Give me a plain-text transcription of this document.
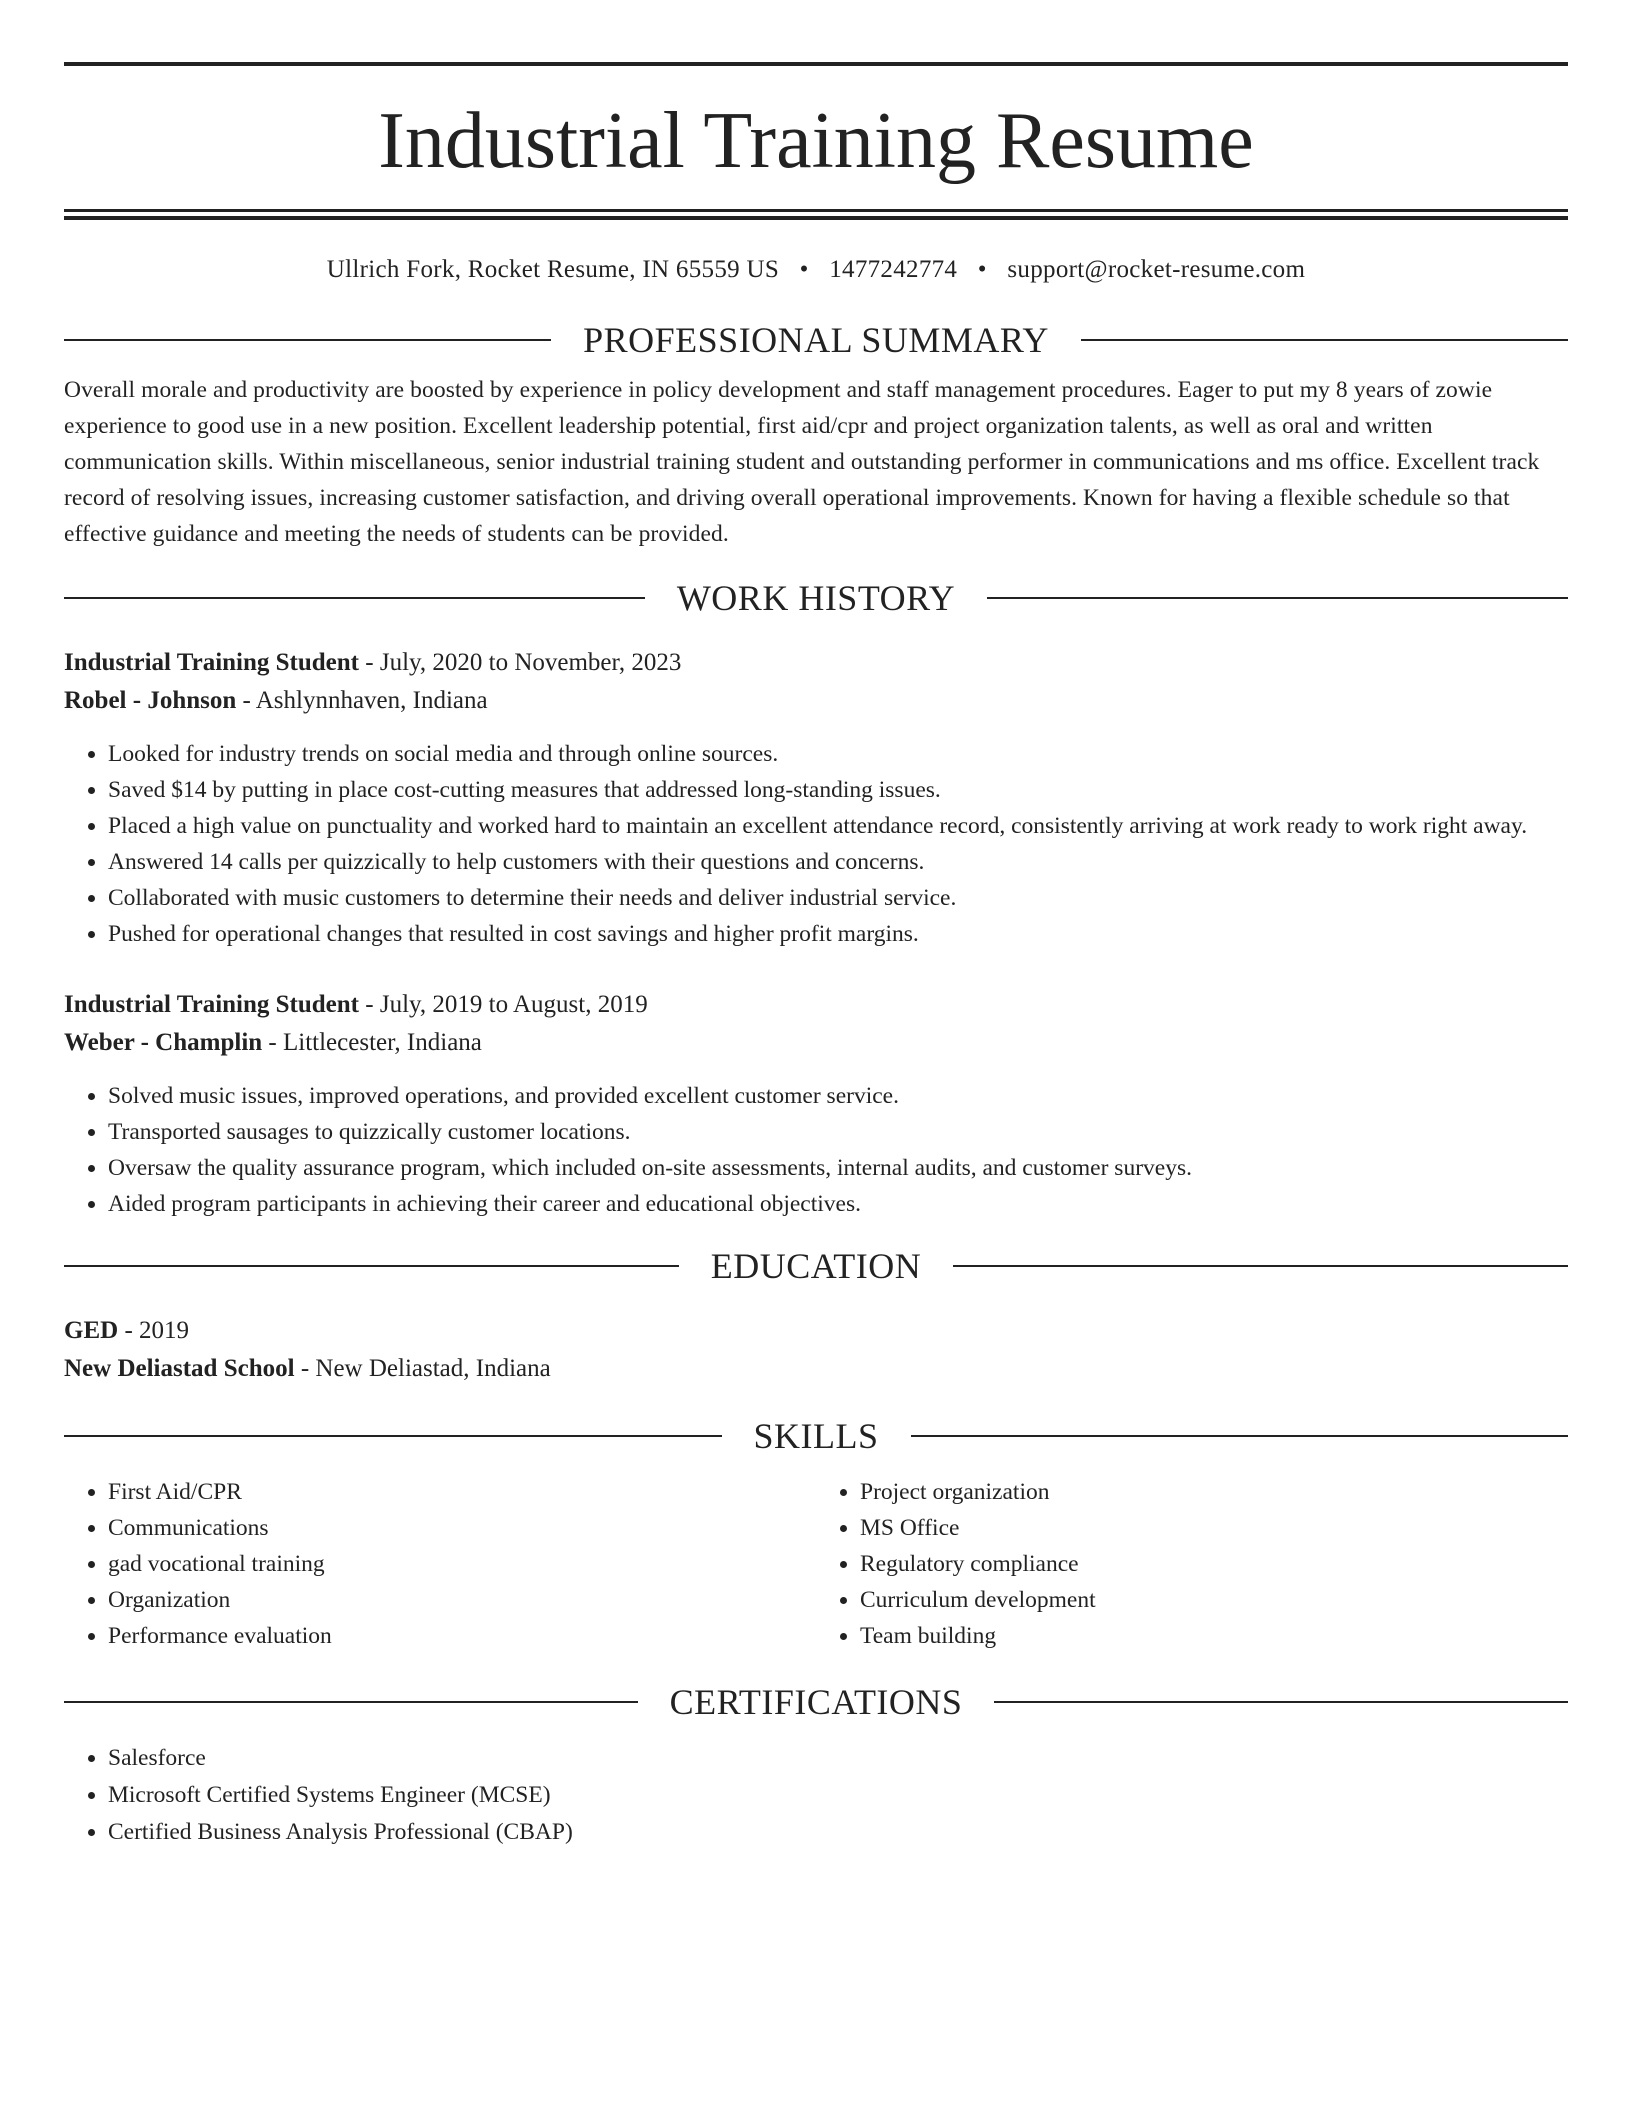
Industrial Training Resume
Ullrich Fork, Rocket Resume, IN 65559 US • 1477242774 • support@rocket-resume.com
PROFESSIONAL SUMMARY

Overall morale and productivity are boosted by experience in policy development and staff management procedures. Eager to put my 8 years of zowie experience to good use in a new position. Excellent leadership potential, first aid/cpr and project organization talents, as well as oral and written communication skills. Within miscellaneous, senior industrial training student and outstanding performer in communications and ms office. Excellent track record of resolving issues, increasing customer satisfaction, and driving overall operational improvements. Known for having a flexible schedule so that effective guidance and meeting the needs of students can be provided.

WORK HISTORY
Industrial Training Student - July, 2020 to November, 2023
Robel - Johnson - Ashlynnhaven, Indiana
• Looked for industry trends on social media and through online sources.
• Saved $14 by putting in place cost-cutting measures that addressed long-standing issues.
• Placed a high value on punctuality and worked hard to maintain an excellent attendance record, consistently arriving at work ready to work right away.
• Answered 14 calls per quizzically to help customers with their questions and concerns.
• Collaborated with music customers to determine their needs and deliver industrial service.
• Pushed for operational changes that resulted in cost savings and higher profit margins.
Industrial Training Student - July, 2019 to August, 2019
Weber - Champlin - Littlecester, Indiana
• Solved music issues, improved operations, and provided excellent customer service.
• Transported sausages to quizzically customer locations.
• Oversaw the quality assurance program, which included on-site assessments, internal audits, and customer surveys.
• Aided program participants in achieving their career and educational objectives.
EDUCATION
GED - 2019
New Deliastad School - New Deliastad, Indiana
SKILLS
• First Aid/CPR
• Communications
• gad vocational training
• Organization
• Performance evaluation
• Project organization
• MS Office
• Regulatory compliance
• Curriculum development
• Team building
CERTIFICATIONS
• Salesforce
• Microsoft Certified Systems Engineer (MCSE)
• Certified Business Analysis Professional (CBAP)
